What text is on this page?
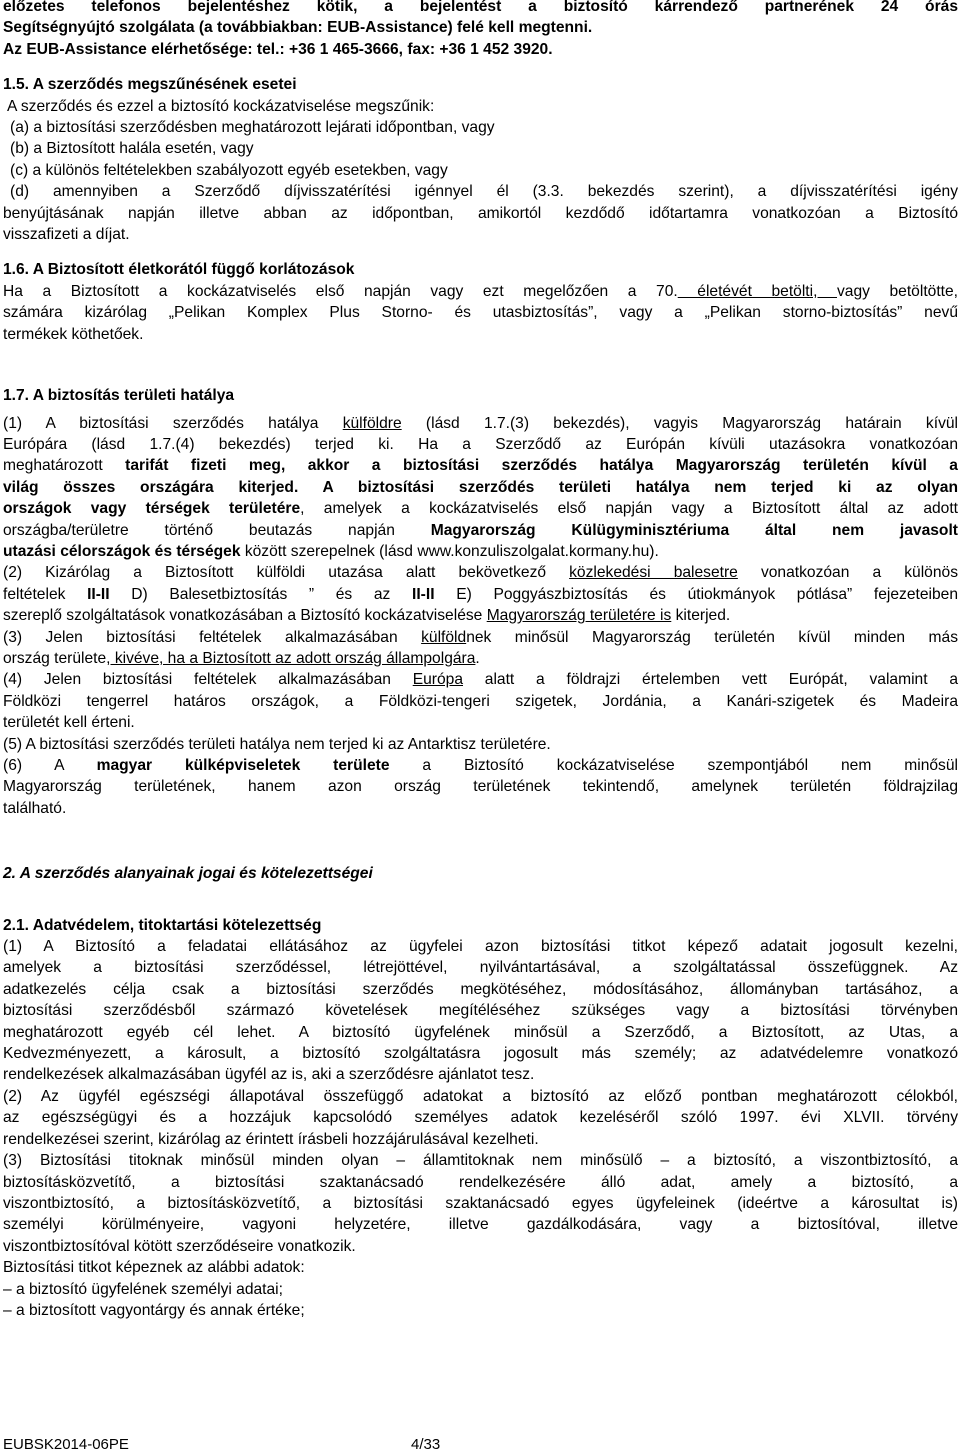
előzetes telefonos bejelentéshez kötik, a bejelentést a biztosító kárrendező partnerének 24 órás

Segítségnyújtó szolgálata (a továbbiakban: EUB-Assistance) felé kell megtenni.

Az EUB-Assistance elérhetősége: tel.: +36 1 465-3666, fax: +36 1 452 3920.

1.5. A szerződés megszűnésének esetei

A szerződés és ezzel a biztosító kockázatviselése megszűnik:

(a) a biztosítási szerződésben meghatározott lejárati időpontban, vagy

(b) a Biztosított halála esetén, vagy

(c) a különös feltételekben szabályozott egyéb esetekben, vagy

(d) amennyiben a Szerződő díjvisszatérítési igénnyel él (3.3. bekezdés szerint), a díjvisszatérítési igény

benyújtásának napján illetve abban az időpontban, amikortól kezdődő időtartamra vonatkozóan a Biztosító

visszafizeti a díjat.

1.6. A Biztosított életkorától függő korlátozások

Ha a Biztosított a kockázatviselés első napján vagy ezt megelőzően a 70. életévét betölti, vagy betöltötte,

számára kizárólag „Pelikan Komplex Plus Storno- és utasbiztosítás”, vagy a „Pelikan storno-biztosítás” nevű

termékek köthetőek.

1.7. A biztosítás területi hatálya

(1) A biztosítási szerződés hatálya külföldre (lásd 1.7.(3) bekezdés), vagyis Magyarország határain kívül

Európára (lásd 1.7.(4) bekezdés) terjed ki. Ha a Szerződő az Európán kívüli utazásokra vonatkozóan

meghatározott tarifát fizeti meg, akkor a biztosítási szerződés hatálya Magyarország területén kívül a

világ összes országára kiterjed. A biztosítási szerződés területi hatálya nem terjed ki az olyan

országok vagy térségek területére, amelyek a kockázatviselés első napján vagy a Biztosított által az adott

országba/területre történő beutazás napján Magyarország Külügyminisztériuma által nem javasolt

utazási célországok és térségek között szerepelnek (lásd www.konzuliszolgalat.kormany.hu).

(2) Kizárólag a Biztosított külföldi utazása alatt bekövetkező közlekedési balesetre vonatkozóan a különös

feltételek II-II D) Balesetbiztosítás ” és az II-II E) Poggyászbiztosítás és útiokmányok pótlása” fejezeteiben

szereplő szolgáltatások vonatkozásában a Biztosító kockázatviselése Magyarország területére is kiterjed.

(3) Jelen biztosítási feltételek alkalmazásában külföldnek minősül Magyarország területén kívül minden más

ország területe, kivéve, ha a Biztosított az adott ország állampolgára.

(4) Jelen biztosítási feltételek alkalmazásában Európa alatt a földrajzi értelemben vett Európát, valamint a

Földközi tengerrel határos országok, a Földközi-tengeri szigetek, Jordánia, a Kanári-szigetek és Madeira

területét kell érteni.

(5) A biztosítási szerződés területi hatálya nem terjed ki az Antarktisz területére.

(6) A magyar külképviseletek területe a Biztosító kockázatviselése szempontjából nem minősül

Magyarország területének, hanem azon ország területének tekintendő, amelynek területén földrajzilag

található.

2. A szerződés alanyainak jogai és kötelezettségei

2.1. Adatvédelem, titoktartási kötelezettség

(1) A Biztosító a feladatai ellátásához az ügyfelei azon biztosítási titkot képező adatait jogosult kezelni,

amelyek a biztosítási szerződéssel, létrejöttével, nyilvántartásával, a szolgáltatással összefüggnek. Az

adatkezelés célja csak a biztosítási szerződés megkötéséhez, módosításához, állományban tartásához, a

biztosítási szerződésből származó követelések megítéléséhez szükséges vagy a biztosítási törvényben

meghatározott egyéb cél lehet. A biztosító ügyfelének minősül a Szerződő, a Biztosított, az Utas, a

Kedvezményezett, a károsult, a biztosító szolgáltatásra jogosult más személy; az adatvédelemre vonatkozó

rendelkezések alkalmazásában ügyfél az is, aki a szerződésre ajánlatot tesz.

(2) Az ügyfél egészségi állapotával összefüggő adatokat a biztosító az előző pontban meghatározott célokból,

az egészségügyi és a hozzájuk kapcsolódó személyes adatok kezeléséről szóló 1997. évi XLVII. törvény

rendelkezései szerint, kizárólag az érintett írásbeli hozzájárulásával kezelheti.

(3) Biztosítási titoknak minősül minden olyan – államtitoknak nem minősülő – a biztosító, a viszontbiztosító, a

biztosításközvetítő, a biztosítási szaktanácsadó rendelkezésére álló adat, amely a biztosító, a

viszontbiztosító, a biztosításközvetítő, a biztosítási szaktanácsadó egyes ügyfeleinek (ideértve a károsultat is)

személyi körülményeire, vagyoni helyzetére, illetve gazdálkodására, vagy a biztosítóval, illetve

viszontbiztosítóval kötött szerződéseire vonatkozik.

Biztosítási titkot képeznek az alábbi adatok:

– a biztosító ügyfelének személyi adatai;

– a biztosított vagyontárgy és annak értéke;

EUBSK2014-06PE	4/33
